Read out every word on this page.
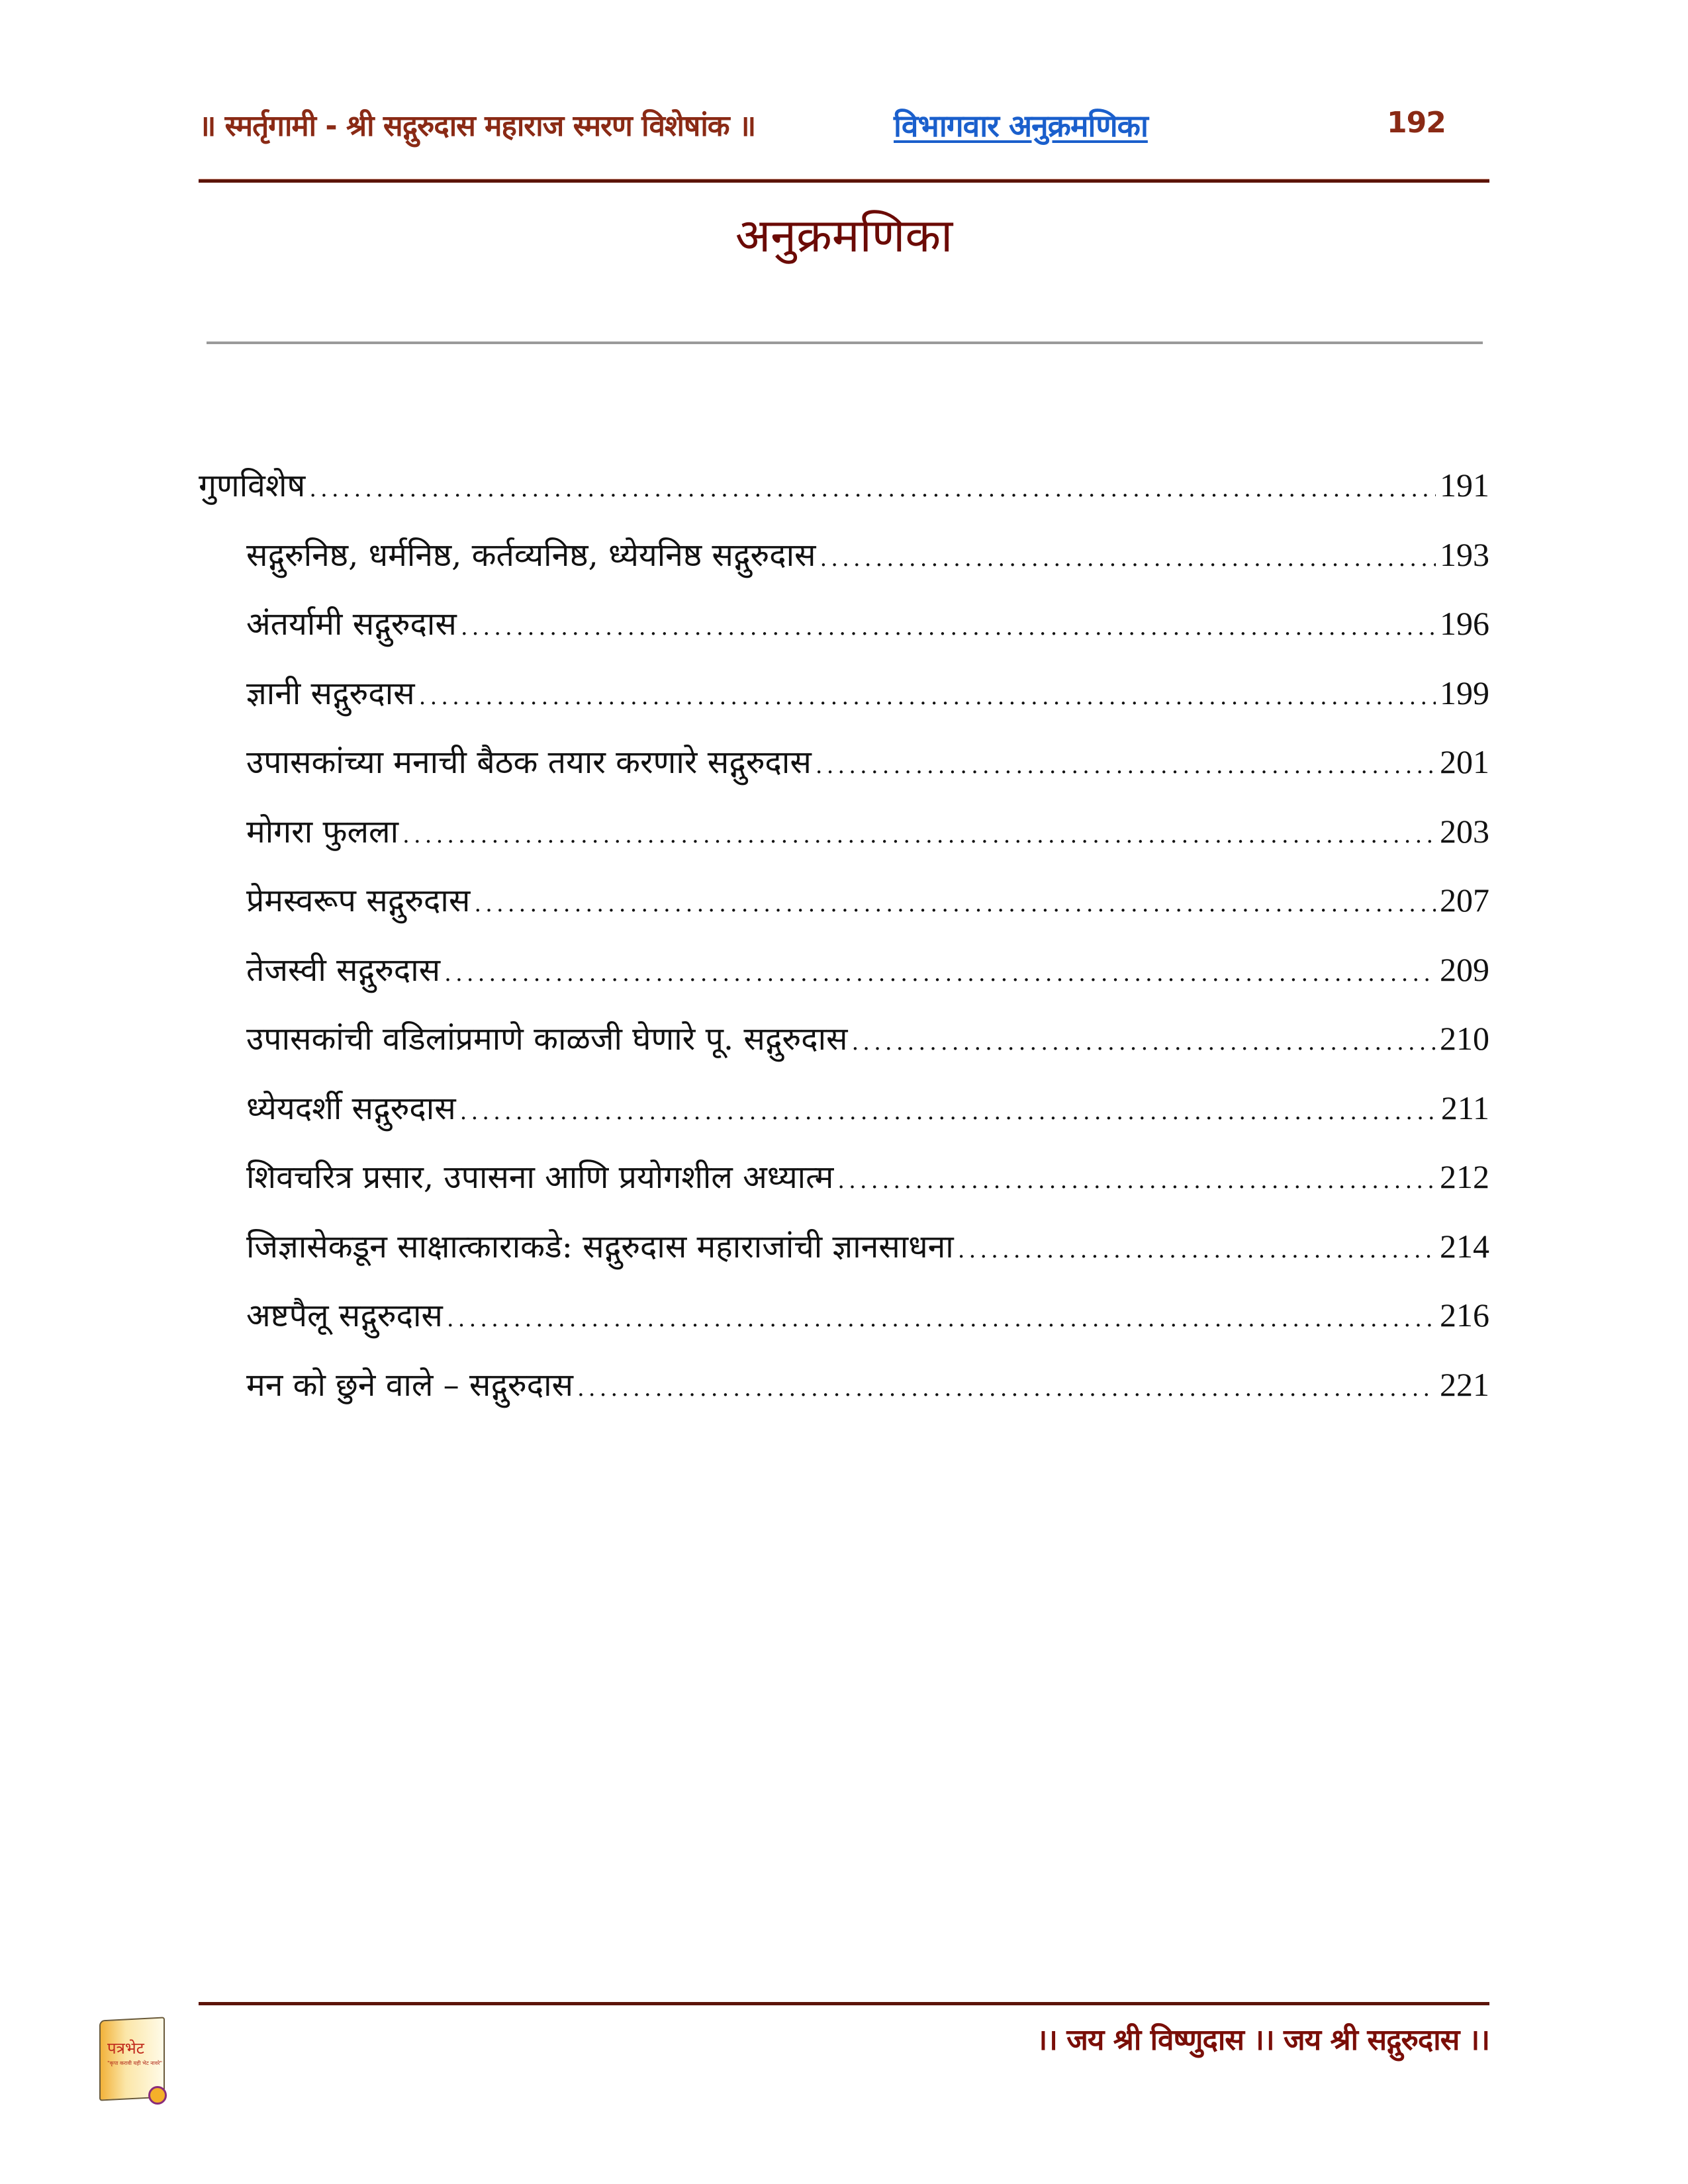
॥ स्मर्तृगामी - श्री सद्गुरुदास महाराज स्मरण विशेषांक ॥	विभागवार अनुक्रमणिका	192
अनुक्रमणिका
गुणविशेष .....	191
सद्गुरुनिष्ठ, धर्मनिष्ठ, कर्तव्यनिष्ठ, ध्येयनिष्ठ सद्गुरुदास .....	193
अंतर्यामी सद्गुरुदास .....	196
ज्ञानी सद्गुरुदास .....	199
उपासकांच्या मनाची बैठक तयार करणारे सद्गुरुदास .....	201
मोगरा फुलला .....	203
प्रेमस्वरूप सद्गुरुदास .....	207
तेजस्वी सद्गुरुदास .....	209
उपासकांची वडिलांप्रमाणे काळजी घेणारे पू. सद्गुरुदास .....	210
ध्येयदर्शी सद्गुरुदास .....	211
शिवचरित्र प्रसार, उपासना आणि प्रयोगशील अध्यात्म .....	212
जिज्ञासेकडून साक्षात्काराकडे: सद्गुरुदास महाराजांची ज्ञानसाधना .....	214
अष्टपैलू सद्गुरुदास .....	216
मन को छुने वाले – सद्गुरुदास .....	221
पत्रभेट
"कृपा करावी यही भेट नावरे"
।। जय श्री विष्णुदास ।। जय श्री सद्गुरुदास ।।
